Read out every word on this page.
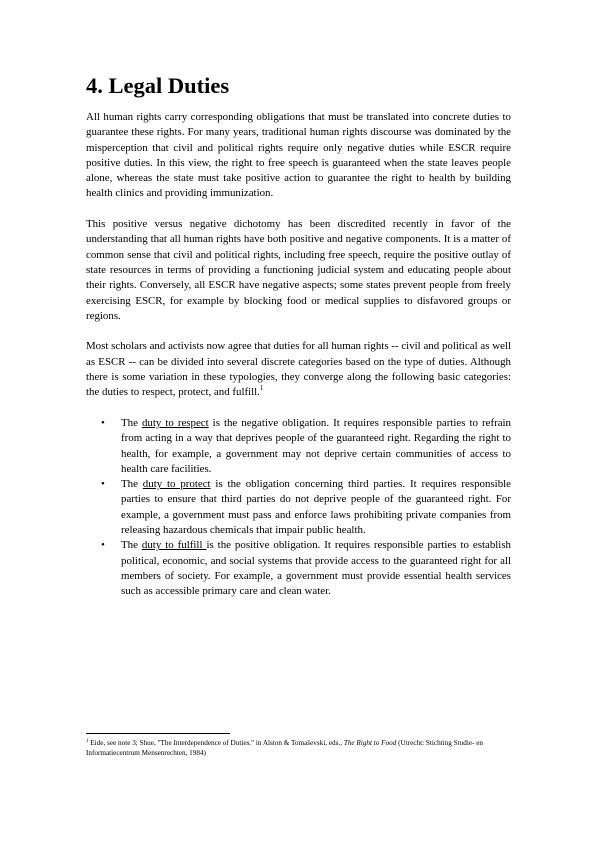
4. Legal Duties

All human rights carry corresponding obligations that must be translated into concrete duties to guarantee these rights. For many years, traditional human rights discourse was dominated by the misperception that civil and political rights require only negative duties while ESCR require positive duties. In this view, the right to free speech is guaranteed when the state leaves people alone, whereas the state must take positive action to guarantee the right to health by building health clinics and providing immunization.

This positive versus negative dichotomy has been discredited recently in favor of the understanding that all human rights have both positive and negative components. It is a matter of common sense that civil and political rights, including free speech, require the positive outlay of state resources in terms of providing a functioning judicial system and educating people about their rights. Conversely, all ESCR have negative aspects; some states prevent people from freely exercising ESCR, for example by blocking food or medical supplies to disfavored groups or regions.

Most scholars and activists now agree that duties for all human rights -- civil and political as well as ESCR -- can be divided into several discrete categories based on the type of duties. Although there is some variation in these typologies, they converge along the following basic categories: the duties to respect, protect, and fulfill.$^1$

• The duty to respect is the negative obligation. It requires responsible parties to refrain from acting in a way that deprives people of the guaranteed right. Regarding the right to health, for example, a government may not deprive certain communities of access to health care facilities.
• The duty to protect is the obligation concerning third parties. It requires responsible parties to ensure that third parties do not deprive people of the guaranteed right. For example, a government must pass and enforce laws prohibiting private companies from releasing hazardous chemicals that impair public health.
• The duty to fulfill is the positive obligation. It requires responsible parties to establish political, economic, and social systems that provide access to the guaranteed right for all members of society. For example, a government must provide essential health services such as accessible primary care and clean water.
$^1$ Eide, see note 3; Shue, "The Interdependence of Duties." in Alston & Tomaševski, eds., The Right to Food (Utrecht: Stichting Studie- en Informatiecentrum Mensenrechten, 1984)
